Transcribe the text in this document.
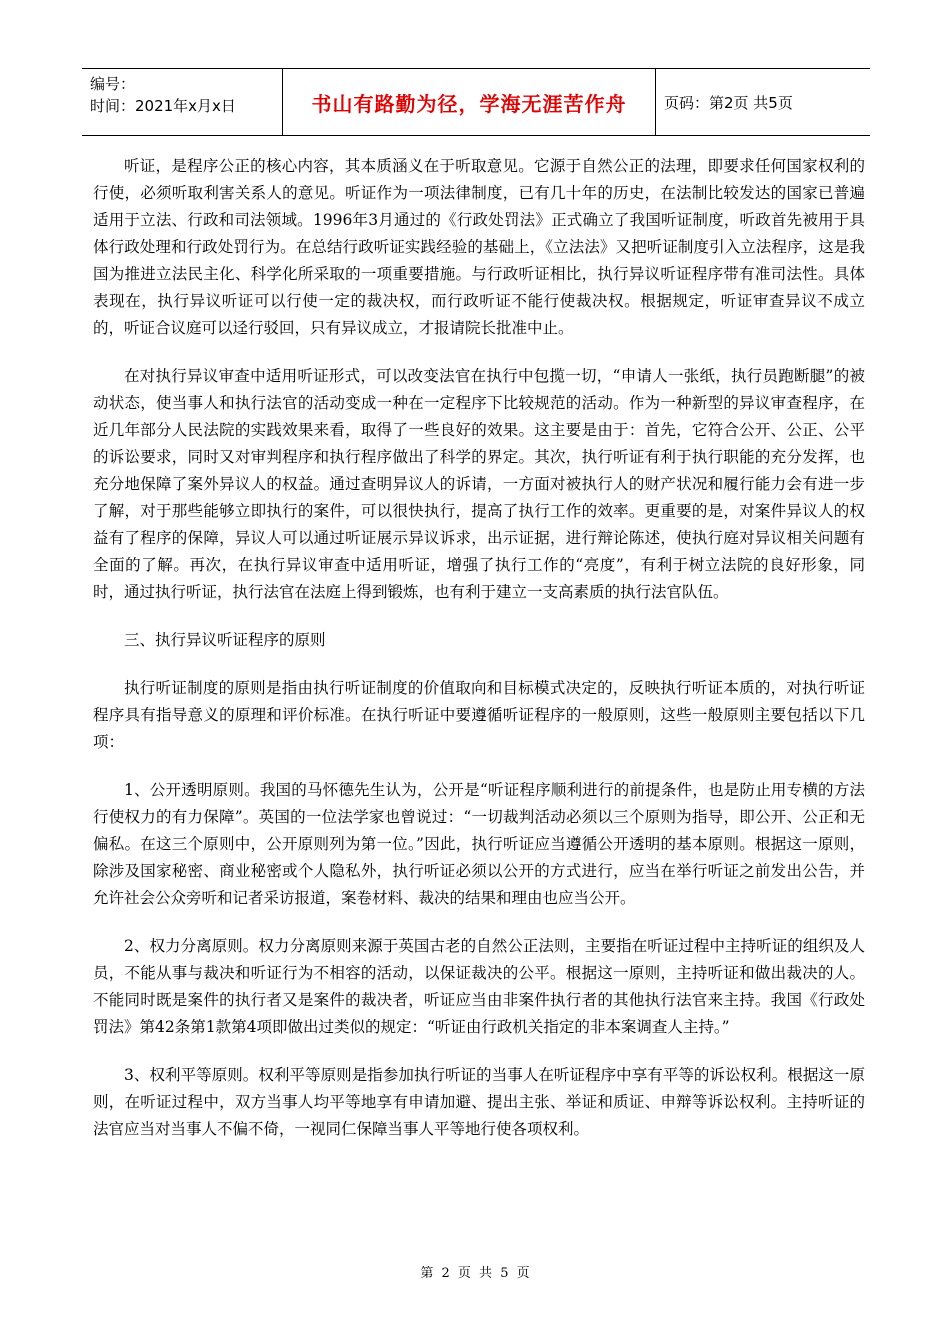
编号：
时间：2021年x月x日	书山有路勤为径，学海无涯苦作舟	页码：第2页 共5页

听证，是程序公正的核心内容，其本质涵义在于听取意见。它源于自然公正的法理，即要求任何国家权利的行使，必须听取利害关系人的意见。听证作为一项法律制度，已有几十年的历史，在法制比较发达的国家已普遍适用于立法、行政和司法领域。1996年3月通过的《行政处罚法》正式确立了我国听证制度，听政首先被用于具体行政处理和行政处罚行为。在总结行政听证实践经验的基础上，《立法法》又把听证制度引入立法程序，这是我国为推进立法民主化、科学化所采取的一项重要措施。与行政听证相比，执行异议听证程序带有准司法性。具体表现在，执行异议听证可以行使一定的裁决权，而行政听证不能行使裁决权。根据规定，听证审查异议不成立的，听证合议庭可以迳行驳回，只有异议成立，才报请院长批准中止。

在对执行异议审查中适用听证形式，可以改变法官在执行中包揽一切，“申请人一张纸，执行员跑断腿”的被动状态，使当事人和执行法官的活动变成一种在一定程序下比较规范的活动。作为一种新型的异议审查程序，在近几年部分人民法院的实践效果来看，取得了一些良好的效果。这主要是由于：首先，它符合公开、公正、公平的诉讼要求，同时又对审判程序和执行程序做出了科学的界定。其次，执行听证有利于执行职能的充分发挥，也充分地保障了案外异议人的权益。通过查明异议人的诉请，一方面对被执行人的财产状况和履行能力会有进一步了解，对于那些能够立即执行的案件，可以很快执行，提高了执行工作的效率。更重要的是，对案件异议人的权益有了程序的保障，异议人可以通过听证展示异议诉求，出示证据，进行辩论陈述，使执行庭对异议相关问题有全面的了解。再次，在执行异议审查中适用听证，增强了执行工作的“亮度”，有利于树立法院的良好形象，同时，通过执行听证，执行法官在法庭上得到锻炼，也有利于建立一支高素质的执行法官队伍。

三、执行异议听证程序的原则

执行听证制度的原则是指由执行听证制度的价值取向和目标模式决定的，反映执行听证本质的，对执行听证程序具有指导意义的原理和评价标准。在执行听证中要遵循听证程序的一般原则，这些一般原则主要包括以下几项：

1、公开透明原则。我国的马怀德先生认为，公开是“听证程序顺利进行的前提条件，也是防止用专横的方法行使权力的有力保障”。英国的一位法学家也曾说过：“一切裁判活动必须以三个原则为指导，即公开、公正和无偏私。在这三个原则中，公开原则列为第一位。”因此，执行听证应当遵循公开透明的基本原则。根据这一原则，除涉及国家秘密、商业秘密或个人隐私外，执行听证必须以公开的方式进行，应当在举行听证之前发出公告，并允许社会公众旁听和记者采访报道，案卷材料、裁决的结果和理由也应当公开。

2、权力分离原则。权力分离原则来源于英国古老的自然公正法则，主要指在听证过程中主持听证的组织及人员，不能从事与裁决和听证行为不相容的活动，以保证裁决的公平。根据这一原则，主持听证和做出裁决的人。不能同时既是案件的执行者又是案件的裁决者，听证应当由非案件执行者的其他执行法官来主持。我国《行政处罚法》第42条第1款第4项即做出过类似的规定：“听证由行政机关指定的非本案调查人主持。”

3、权利平等原则。权利平等原则是指参加执行听证的当事人在听证程序中享有平等的诉讼权利。根据这一原则，在听证过程中，双方当事人均平等地享有申请加避、提出主张、举证和质证、申辩等诉讼权利。主持听证的法官应当对当事人不偏不倚，一视同仁保障当事人平等地行使各项权利。

第 2 页 共 5 页
